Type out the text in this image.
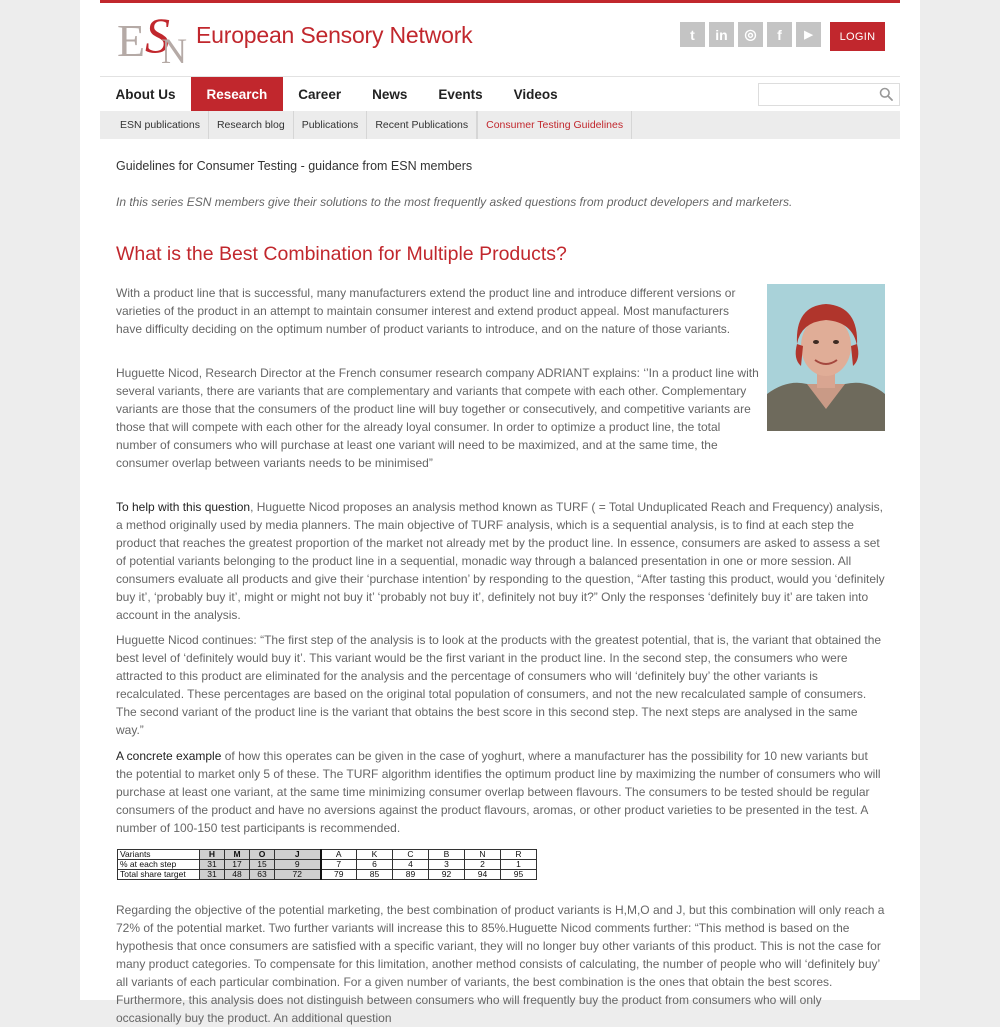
E S
N European Sensory Network	t	in	◎	f	▶	LOGIN
About Us	Research	Career	News	Events	Videos
ESN publications	Research blog	Publications	Recent Publications	Consumer Testing Guidelines
Guidelines for Consumer Testing - guidance from ESN members
In this series ESN members give their solutions to the most frequently asked questions from product developers and marketers.
What is the Best Combination for Multiple Products?

With a product line that is successful, many manufacturers extend the product line and introduce different versions or varieties of the product in an attempt to maintain consumer interest and extend product appeal. Most manufacturers have difficulty deciding on the optimum number of product variants to introduce, and on the nature of those variants.

Huguette Nicod, Research Director at the French consumer research company ADRIANT explains: ‘’In a product line with several variants, there are variants that are complementary and variants that compete with each other. Complementary variants are those that the consumers of the product line will buy together or consecutively, and competitive variants are those that will compete with each other for the already loyal consumer. In order to optimize a product line, the total number of consumers who will purchase at least one variant will need to be maximized, and at the same time, the consumer overlap between variants needs to be minimised”

To help with this question, Huguette Nicod proposes an analysis method known as TURF ( = Total Unduplicated Reach and Frequency) analysis, a method originally used by media planners. The main objective of TURF analysis, which is a sequential analysis, is to find at each step the product that reaches the greatest proportion of the market not already met by the product line. In essence, consumers are asked to assess a set of potential variants belonging to the product line in a sequential, monadic way through a balanced presentation in one or more session. All consumers evaluate all products and give their ‘purchase intention’ by responding to the question, “After tasting this product, would you ‘definitely buy it’, ‘probably buy it’, might or might not buy it’ ‘probably not buy it’, definitely not buy it?” Only the responses ‘definitely buy it’ are taken into account in the analysis.

Huguette Nicod continues: “The first step of the analysis is to look at the products with the greatest potential, that is, the variant that obtained the best level of ‘definitely would buy it’. This variant would be the first variant in the product line. In the second step, the consumers who were attracted to this product are eliminated for the analysis and the percentage of consumers who will ‘definitely buy’ the other variants is recalculated. These percentages are based on the original total population of consumers, and not the new recalculated sample of consumers. The second variant of the product line is the variant that obtains the best score in this second step. The next steps are analysed in the same way.”

A concrete example of how this operates can be given in the case of yoghurt, where a manufacturer has the possibility for 10 new variants but the potential to market only 5 of these. The TURF algorithm identifies the optimum product line by maximizing the number of consumers who will purchase at least one variant, at the same time minimizing consumer overlap between flavours. The consumers to be tested should be regular consumers of the product and have no aversions against the product flavours, aromas, or other product varieties to be presented in the test. A number of 100-150 test participants is recommended.

Variants	H	M	O	J	A	K	C	B	N	R
% at each step	31	17	15	9	7	6	4	3	2	1
Total share target	31	48	63	72	79	85	89	92	94	95

Regarding the objective of the potential marketing, the best combination of product variants is H,M,O and J, but this combination will only reach a 72% of the potential market. Two further variants will increase this to 85%.Huguette Nicod comments further: “This method is based on the hypothesis that once consumers are satisfied with a specific variant, they will no longer buy other variants of this product. This is not the case for many product categories. To compensate for this limitation, another method consists of calculating, the number of people who will ‘definitely buy’ all variants of each particular combination. For a given number of variants, the best combination is the ones that obtain the best scores. Furthermore, this analysis does not distinguish between consumers who will frequently buy the product from consumers who will only occasionally buy the product. An additional question
